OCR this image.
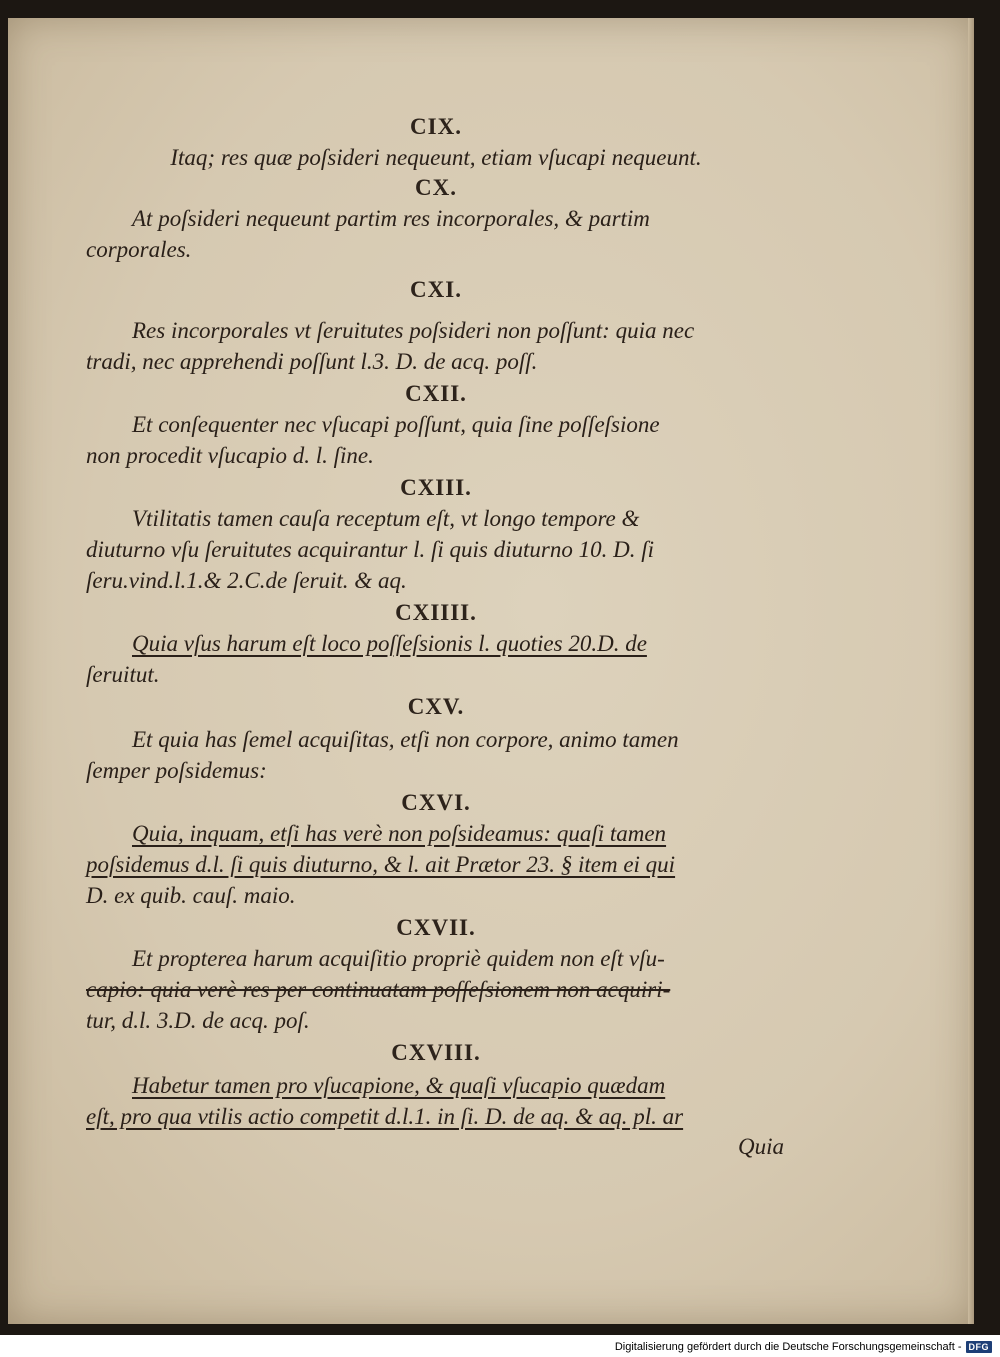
CIX.

Itaq; res quæ poſsideri nequeunt, etiam vſucapi nequeunt.

CX.

At poſsideri nequeunt partim res incorporales, & partim
corporales.

CXI.

Res incorporales vt ſeruitutes poſsideri non poſſunt: quia nec
tradi, nec apprehendi poſſunt l.3. D. de acq. poſſ.

CXII.

Et conſequenter nec vſucapi poſſunt, quia ſine poſſeſsione
non procedit vſucapio d. l. ſine.

CXIII.

Vtilitatis tamen cauſa receptum eſt, vt longo tempore &
diuturno vſu ſeruitutes acquirantur l. ſi quis diuturno 10. D. ſi
ſeru.vind.l.1.& 2.C.de ſeruit. & aq.

CXIIII.

Quia vſus harum eſt loco poſſeſsionis l. quoties 20.D. de
ſeruitut.

CXV.

Et quia has ſemel acquiſitas, etſi non corpore, animo tamen
ſemper poſsidemus:

CXVI.

Quia, inquam, etſi has verè non poſsideamus: quaſi tamen
poſsidemus d.l. ſi quis diuturno, & l. ait Prætor 23. § item ei qui
D. ex quib. cauſ. maio.

CXVII.

Et propterea harum acquiſitio propriè quidem non eſt vſu-
capio: quia verè res per continuatam poſſeſsionem non acquiri-
tur, d.l. 3.D. de acq. poſ.

CXVIII.

Habetur tamen pro vſucapione, & quaſi vſucapio quædam
eſt, pro qua vtilis actio competit d.l.1. in ſi. D. de aq. & aq. pl. ar

Quia
Digitalisierung gefördert durch die Deutsche Forschungsgemeinschaft - DFG
